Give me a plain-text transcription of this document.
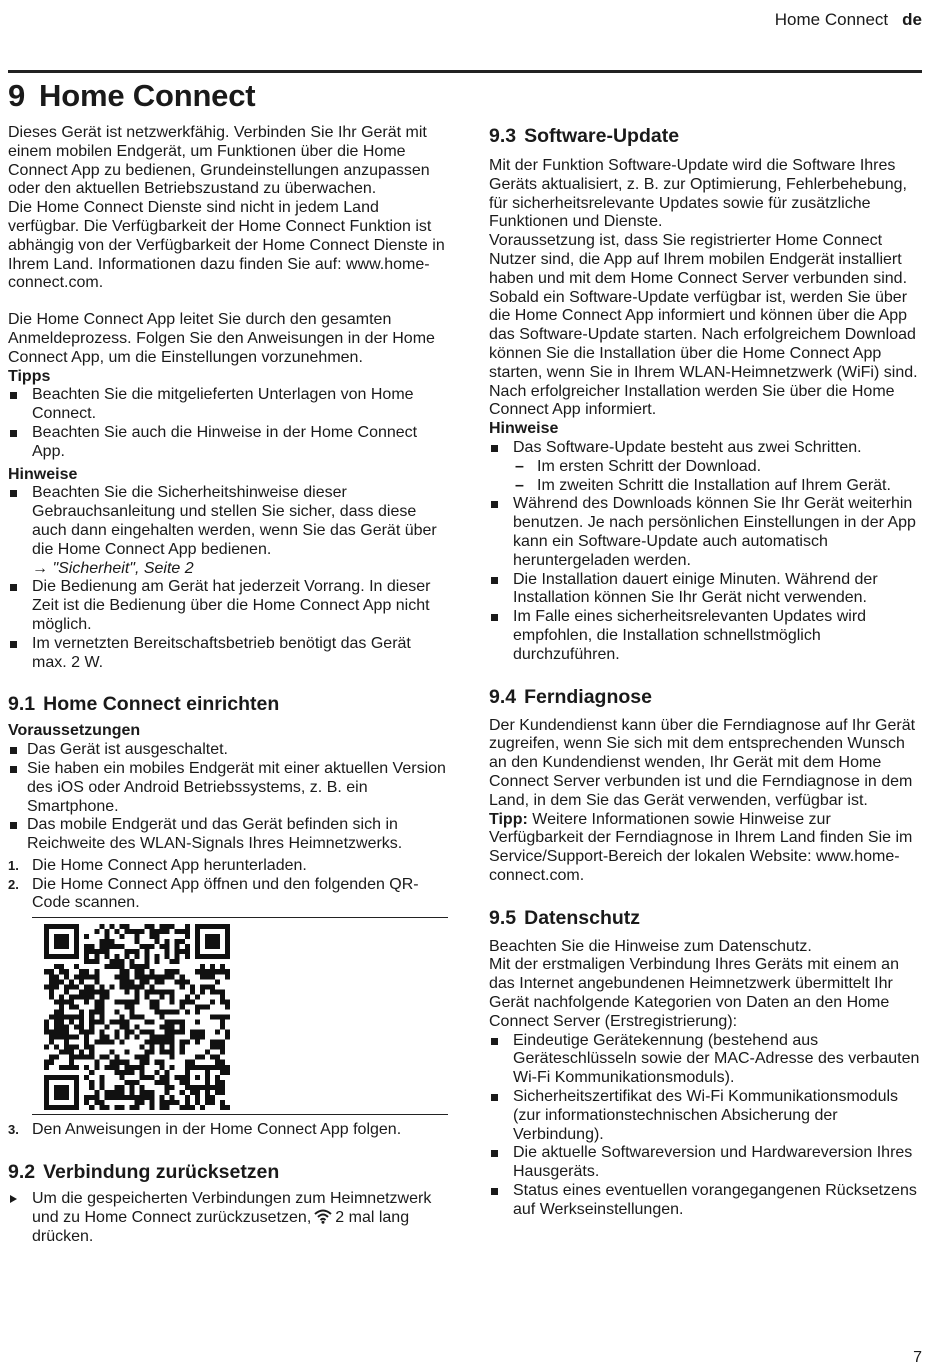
Home Connect de
9 Home Connect

Dieses Gerät ist netzwerkfähig. Verbinden Sie Ihr Gerät mit einem mobilen Endgerät, um Funktionen über die Home Connect App zu bedienen, Grundeinstellungen anzupassen oder den aktuellen Betriebszustand zu überwachen.

Die Home Connect Dienste sind nicht in jedem Land verfügbar. Die Verfügbarkeit der Home Connect Funktion ist abhängig von der Verfügbarkeit der Home Connect Dienste in Ihrem Land. Informationen dazu finden Sie auf: www.home-connect.com.

Die Home Connect App leitet Sie durch den gesamten Anmeldeprozess. Folgen Sie den Anweisungen in der Home Connect App, um die Einstellungen vorzunehmen.

Tipps
Beachten Sie die mitgelieferten Unterlagen von Home Connect.
Beachten Sie auch die Hinweise in der Home Connect App.
Hinweise
Beachten Sie die Sicherheitshinweise dieser Gebrauchsanleitung und stellen Sie sicher, dass diese auch dann eingehalten werden, wenn Sie das Gerät über die Home Connect App bedienen.
→ "Sicherheit", Seite 2
Die Bedienung am Gerät hat jederzeit Vorrang. In dieser Zeit ist die Bedienung über die Home Connect App nicht möglich.
Im vernetzten Bereitschaftsbetrieb benötigt das Gerät max. 2 W.
9.1 Home Connect einrichten
Voraussetzungen
Das Gerät ist ausgeschaltet.
Sie haben ein mobiles Endgerät mit einer aktuellen Version des iOS oder Android Betriebssystems, z. B. ein Smartphone.
Das mobile Endgerät und das Gerät befinden sich in Reichweite des WLAN-Signals Ihres Heimnetzwerks.
1. Die Home Connect App herunterladen.
2. Die Home Connect App öffnen und den folgenden QR-Code scannen.
3. Den Anweisungen in der Home Connect App folgen.
9.2 Verbindung zurücksetzen
Um die gespeicherten Verbindungen zum Heimnetzwerk und zu Home Connect zurückzusetzen, 2 mal lang drücken.
9.3 Software-Update

Mit der Funktion Software-Update wird die Software Ihres Geräts aktualisiert, z. B. zur Optimierung, Fehlerbehebung, für sicherheitsrelevante Updates sowie für zusätzliche Funktionen und Dienste.

Voraussetzung ist, dass Sie registrierter Home Connect Nutzer sind, die App auf Ihrem mobilen Endgerät installiert haben und mit dem Home Connect Server verbunden sind.

Sobald ein Software-Update verfügbar ist, werden Sie über die Home Connect App informiert und können über die App das Software-Update starten. Nach erfolgreichem Download können Sie die Installation über die Home Connect App starten, wenn Sie in Ihrem WLAN-Heimnetzwerk (WiFi) sind. Nach erfolgreicher Installation werden Sie über die Home Connect App informiert.

Hinweise
Das Software-Update besteht aus zwei Schritten.
– Im ersten Schritt der Download.
– Im zweiten Schritt die Installation auf Ihrem Gerät.
Während des Downloads können Sie Ihr Gerät weiterhin benutzen. Je nach persönlichen Einstellungen in der App kann ein Software-Update auch automatisch heruntergeladen werden.
Die Installation dauert einige Minuten. Während der Installation können Sie Ihr Gerät nicht verwenden.
Im Falle eines sicherheitsrelevanten Updates wird empfohlen, die Installation schnellstmöglich durchzuführen.
9.4 Ferndiagnose

Der Kundendienst kann über die Ferndiagnose auf Ihr Gerät zugreifen, wenn Sie sich mit dem entsprechenden Wunsch an den Kundendienst wenden, Ihr Gerät mit dem Home Connect Server verbunden ist und die Ferndiagnose in dem Land, in dem Sie das Gerät verwenden, verfügbar ist.

Tipp: Weitere Informationen sowie Hinweise zur Verfügbarkeit der Ferndiagnose in Ihrem Land finden Sie im Service/Support-Bereich der lokalen Website: www.home-connect.com.

9.5 Datenschutz

Beachten Sie die Hinweise zum Datenschutz.

Mit der erstmaligen Verbindung Ihres Geräts mit einem an das Internet angebundenen Heimnetzwerk übermittelt Ihr Gerät nachfolgende Kategorien von Daten an den Home Connect Server (Erstregistrierung):

Eindeutige Gerätekennung (bestehend aus Geräteschlüsseln sowie der MAC-Adresse des verbauten Wi-Fi Kommunikationsmoduls).
Sicherheitszertifikat des Wi-Fi Kommunikationsmoduls (zur informationstechnischen Absicherung der Verbindung).
Die aktuelle Softwareversion und Hardwareversion Ihres Hausgeräts.
Status eines eventuellen vorangegangenen Rücksetzens auf Werkseinstellungen.
7
